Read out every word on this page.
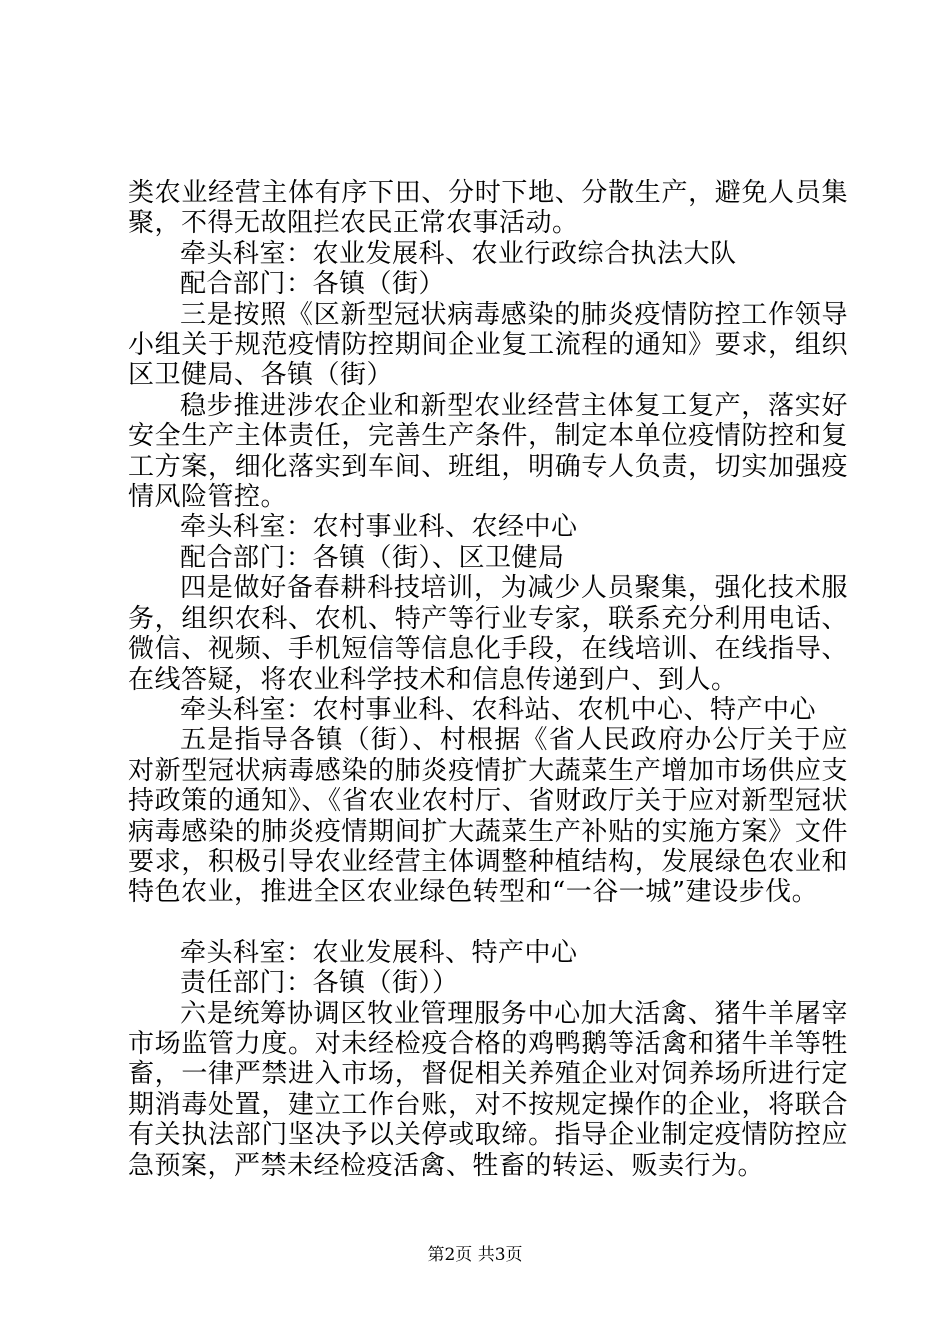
类农业经营主体有序下田、分时下地、分散生产，避免人员集聚，不得无故阻拦农民正常农事活动。

牵头科室：农业发展科、农业行政综合执法大队

配合部门：各镇（街）

三是按照《区新型冠状病毒感染的肺炎疫情防控工作领导小组关于规范疫情防控期间企业复工流程的通知》要求，组织区卫健局、各镇（街）

稳步推进涉农企业和新型农业经营主体复工复产，落实好安全生产主体责任，完善生产条件，制定本单位疫情防控和复工方案，细化落实到车间、班组，明确专人负责，切实加强疫情风险管控。

牵头科室：农村事业科、农经中心

配合部门：各镇（街）、区卫健局

四是做好备春耕科技培训，为减少人员聚集，强化技术服务，组织农科、农机、特产等行业专家，联系充分利用电话、微信、视频、手机短信等信息化手段，在线培训、在线指导、在线答疑，将农业科学技术和信息传递到户、到人。

牵头科室：农村事业科、农科站、农机中心、特产中心

五是指导各镇（街）、村根据《省人民政府办公厅关于应对新型冠状病毒感染的肺炎疫情扩大蔬菜生产增加市场供应支持政策的通知》、《省农业农村厅、省财政厅关于应对新型冠状病毒感染的肺炎疫情期间扩大蔬菜生产补贴的实施方案》文件要求，积极引导农业经营主体调整种植结构，发展绿色农业和特色农业，推进全区农业绿色转型和“一谷一城”建设步伐。

牵头科室：农业发展科、特产中心

责任部门：各镇（街））

六是统筹协调区牧业管理服务中心加大活禽、猪牛羊屠宰市场监管力度。对未经检疫合格的鸡鸭鹅等活禽和猪牛羊等牲畜，一律严禁进入市场，督促相关养殖企业对饲养场所进行定期消毒处置，建立工作台账，对不按规定操作的企业，将联合有关执法部门坚决予以关停或取缔。指导企业制定疫情防控应急预案，严禁未经检疫活禽、牲畜的转运、贩卖行为。

第2页 共3页
